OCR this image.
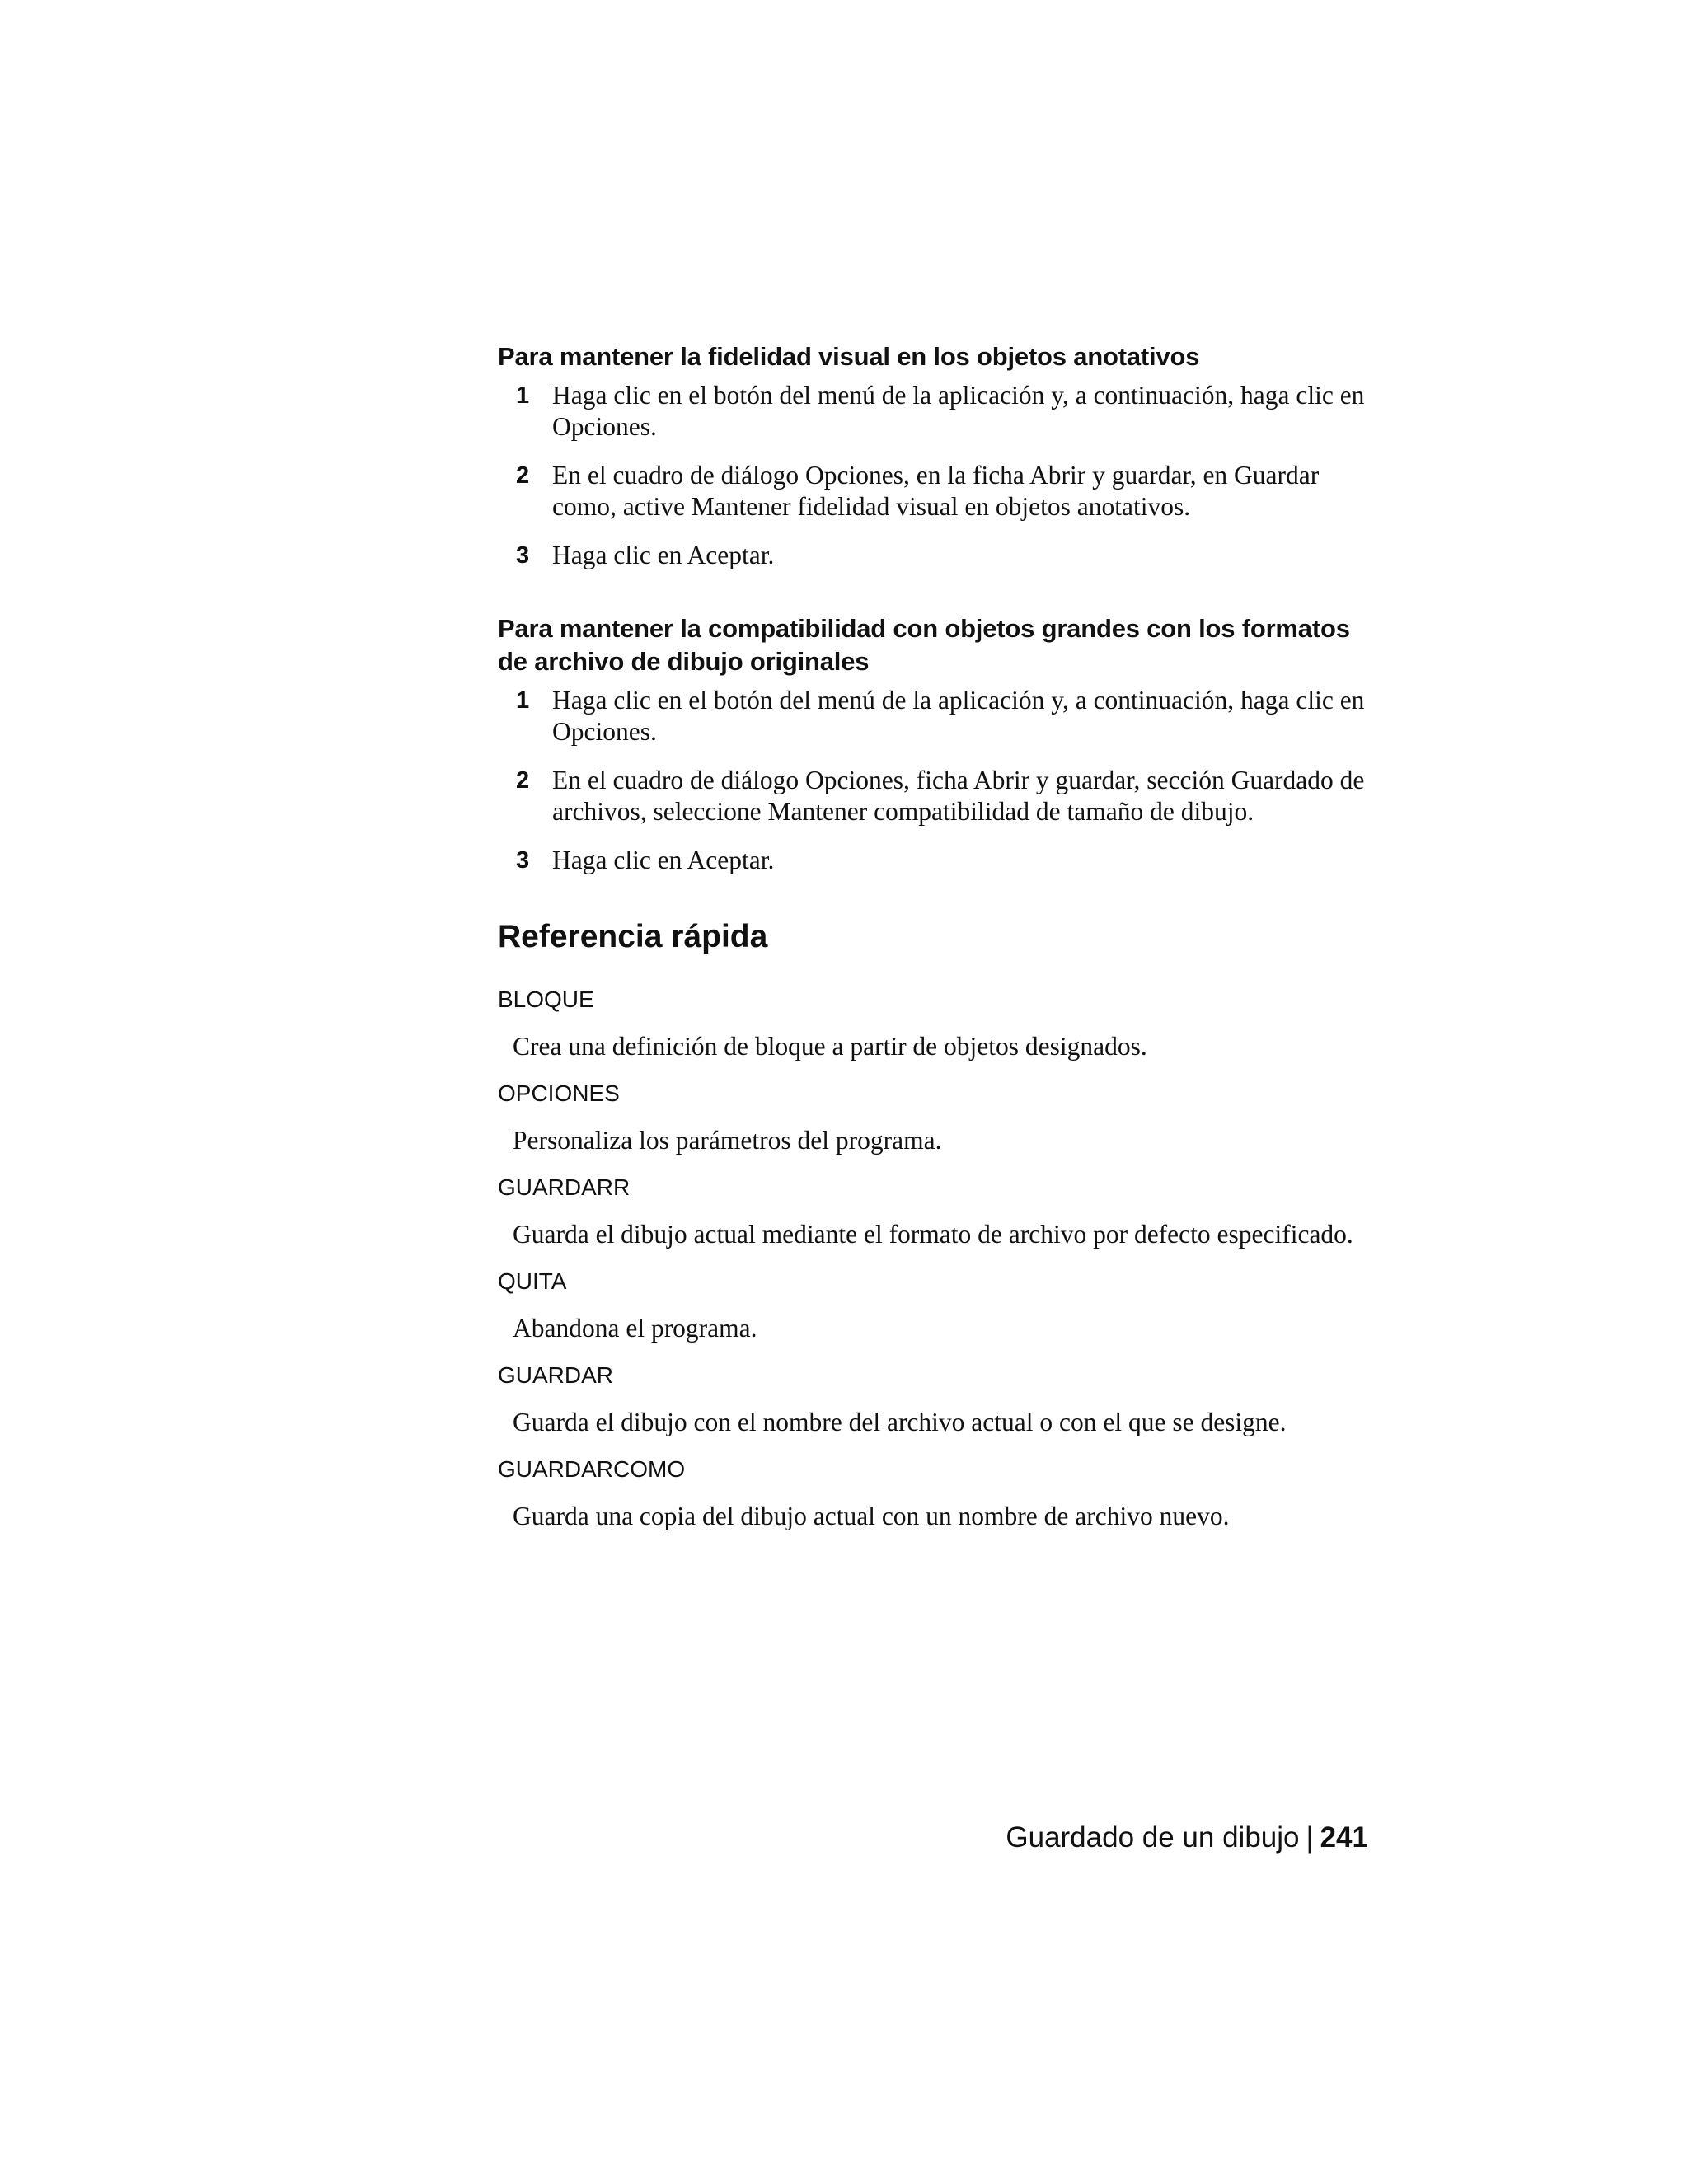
Para mantener la fidelidad visual en los objetos anotativos
1 Haga clic en el botón del menú de la aplicación y, a continuación, haga clic en Opciones.
2 En el cuadro de diálogo Opciones, en la ficha Abrir y guardar, en Guardar como, active Mantener fidelidad visual en objetos anotativos.
3 Haga clic en Aceptar.
Para mantener la compatibilidad con objetos grandes con los formatos de archivo de dibujo originales
1 Haga clic en el botón del menú de la aplicación y, a continuación, haga clic en Opciones.
2 En el cuadro de diálogo Opciones, ficha Abrir y guardar, sección Guardado de archivos, seleccione Mantener compatibilidad de tamaño de dibujo.
3 Haga clic en Aceptar.
Referencia rápida
BLOQUE
Crea una definición de bloque a partir de objetos designados.
OPCIONES
Personaliza los parámetros del programa.
GUARDARR
Guarda el dibujo actual mediante el formato de archivo por defecto especificado.
QUITA
Abandona el programa.
GUARDAR
Guarda el dibujo con el nombre del archivo actual o con el que se designe.
GUARDARCOMO
Guarda una copia del dibujo actual con un nombre de archivo nuevo.
Guardado de un dibujo | 241
